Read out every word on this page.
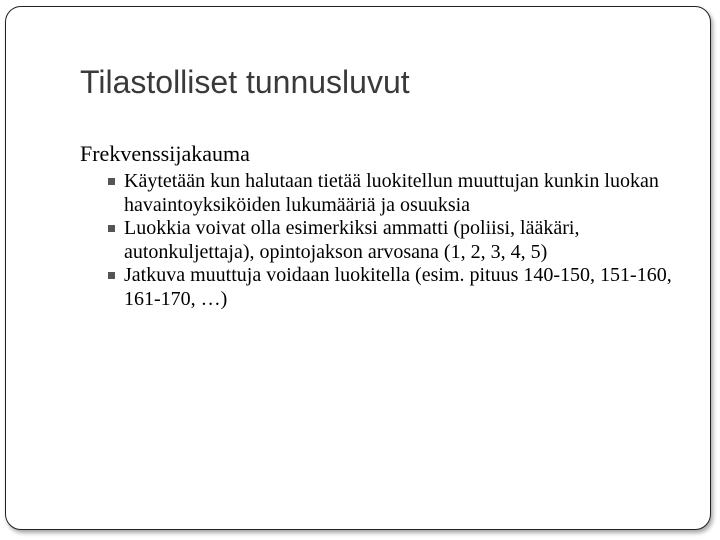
Tilastolliset tunnusluvut
Frekvenssijakauma
Käytetään kun halutaan tietää luokitellun muuttujan kunkin luokan havaintoyksiköiden lukumääriä ja osuuksia
Luokkia voivat olla esimerkiksi ammatti (poliisi, lääkäri, autonkuljettaja), opintojakson arvosana (1, 2, 3, 4, 5)
Jatkuva muuttuja voidaan luokitella (esim. pituus 140-150, 151-160, 161-170, …)
